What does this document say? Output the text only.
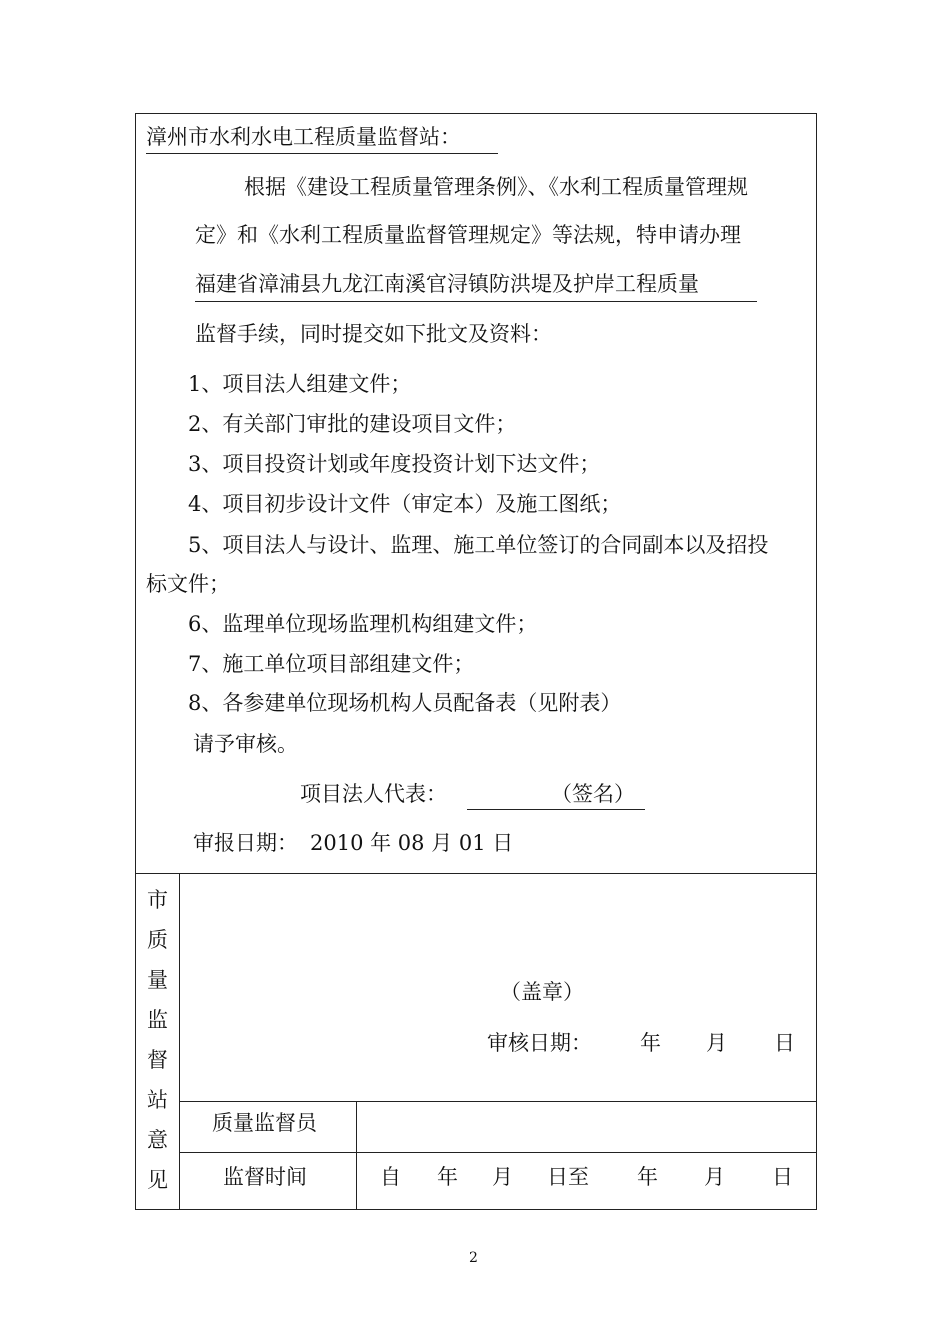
漳州市水利水电工程质量监督站：
根据《建设工程质量管理条例》、《水利工程质量管理规
定》和《水利工程质量监督管理规定》等法规，特申请办理
福建省漳浦县九龙江南溪官浔镇防洪堤及护岸工程质量
监督手续，同时提交如下批文及资料：
1、项目法人组建文件；
2、有关部门审批的建设项目文件；
3、项目投资计划或年度投资计划下达文件；
4、项目初步设计文件（审定本）及施工图纸；
5、项目法人与设计、监理、施工单位签订的合同副本以及招投
标文件；
6、监理单位现场监理机构组建文件；
7、施工单位项目部组建文件；
8、各参建单位现场机构人员配备表（见附表）
请予审核。
项目法人代表：	（签名）
审报日期： 2010 年 08 月 01 日
市
质
量
监
督
站
意
见
（盖章）
审核日期： 年 月 日
质量监督员
监督时间	自 年 月 日至 年 月 日
2
